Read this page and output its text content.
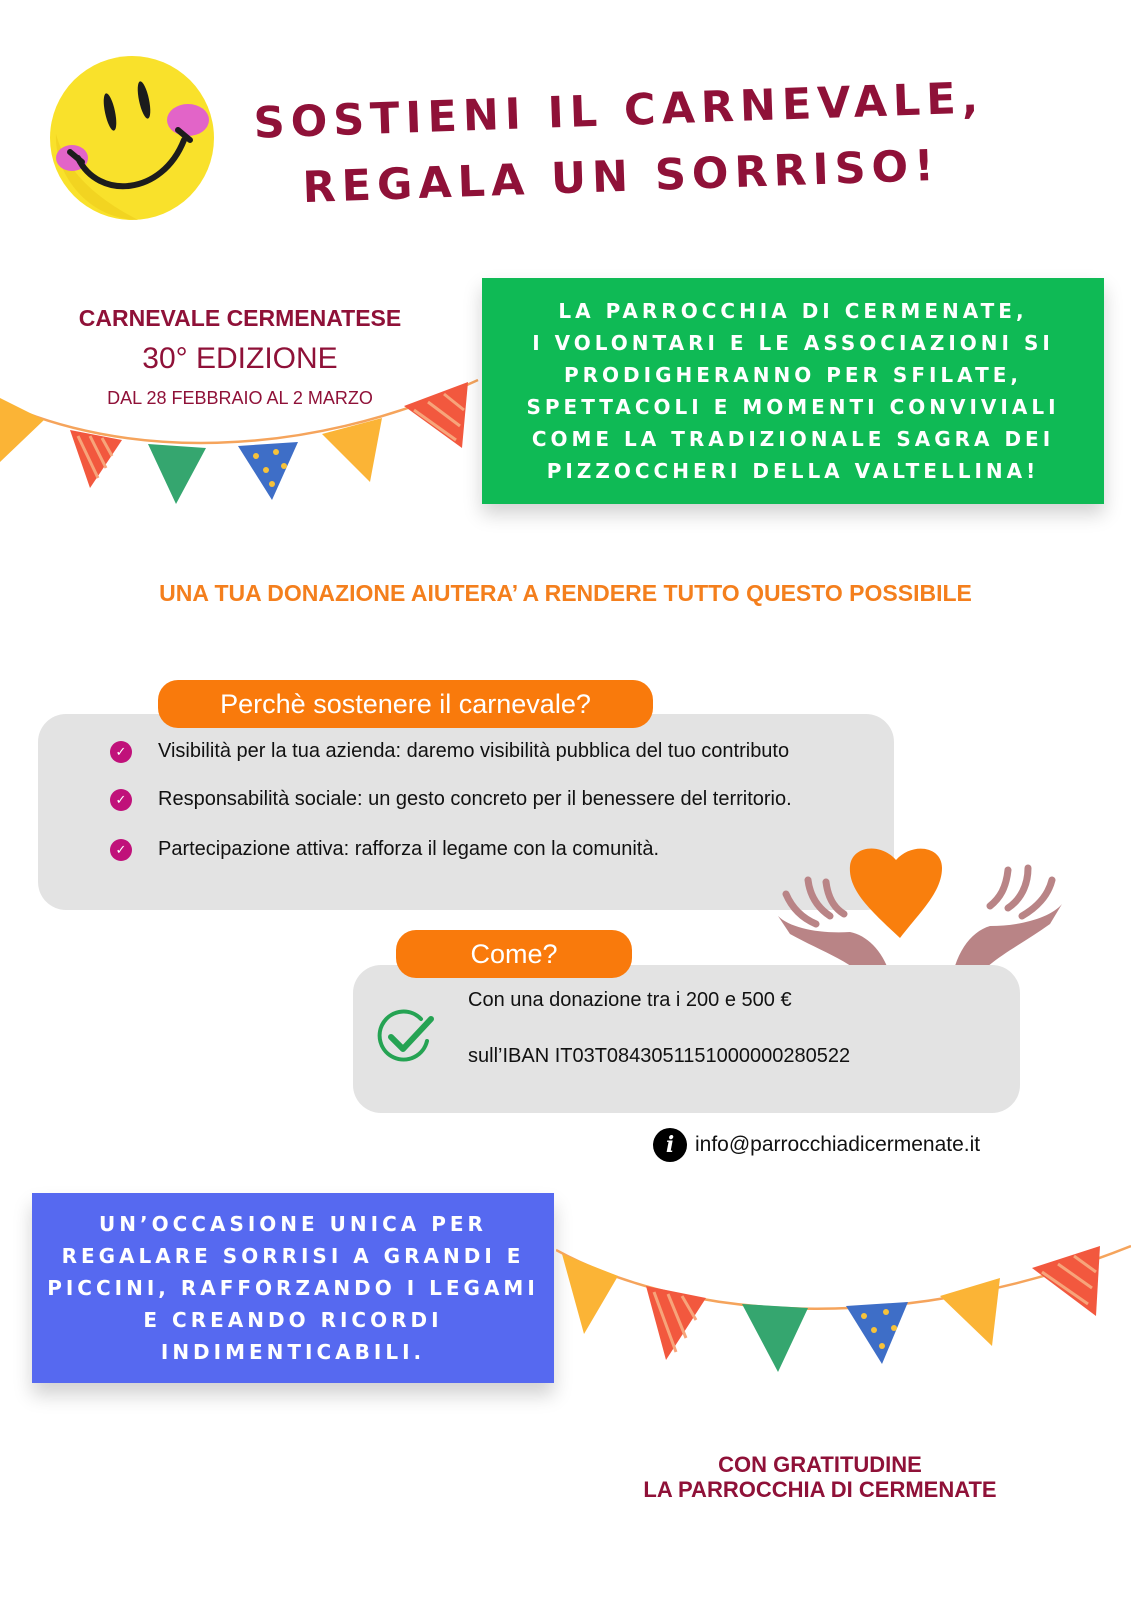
SOSTIENI IL CARNEVALE,
REGALA UN SORRISO!
CARNEVALE CERMENATESE
30° EDIZIONE
DAL 28 FEBBRAIO AL 2 MARZO
LA PARROCCHIA DI CERMENATE,
I VOLONTARI E LE ASSOCIAZIONI SI
PRODIGHERANNO PER SFILATE,
SPETTACOLI E MOMENTI CONVIVIALI
COME LA TRADIZIONALE SAGRA DEI
PIZZOCCHERI DELLA VALTELLINA!
UNA TUA DONAZIONE AIUTERA’ A RENDERE TUTTO QUESTO POSSIBILE
Perchè sostenere il carnevale?
✓ Visibilità per la tua azienda: daremo visibilità pubblica del tuo contributo
✓ Responsabilità sociale: un gesto concreto per il benessere del territorio.
✓ Partecipazione attiva: rafforza il legame con la comunità.
Come?
Con una donazione tra i 200 e 500 €
sull’IBAN IT03T0843051151000000280522
i info@parrocchiadicermenate.it
UN’OCCASIONE UNICA PER
REGALARE SORRISI A GRANDI E
PICCINI, RAFFORZANDO I LEGAMI
E CREANDO RICORDI
INDIMENTICABILI.
CON GRATITUDINE
LA PARROCCHIA DI CERMENATE
